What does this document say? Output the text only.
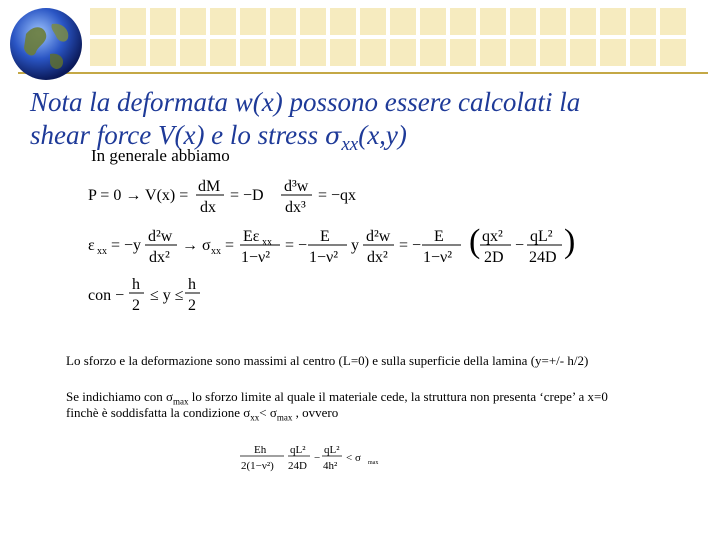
Nota la deformata w(x) possono essere calcolati la
shear force V(x) e lo stress $\sigma_{xx}(x,y)$
In generale abbiamo
P = 0 → V(x) =
dM
dx
= −D
d³w
dx³
= −qx
ε xx = −y
d²w
dx²
→ σ xx =
Eε xx
1−ν²
= −
E
1−ν²
y
d²w
dx²
= −
E
1−ν² ( qx²
2D
−
qL²
24D )
con −
h
2
≤ y ≤
h
2
Lo sforzo e la deformazione sono massimi al centro (L=0) e sulla superficie della lamina (y=+/- h/2)
Se indichiamo con $\sigma_{max}$ lo sforzo limite al quale il materiale cede, la struttura non presenta ‘crepe’ a x=0
finchè è soddisfatta la condizione $\sigma_{xx}< \sigma_{max}$ , ovvero
Eh
2(1−ν²)
qL²
24D
−
qL²
4h²
< σ max
